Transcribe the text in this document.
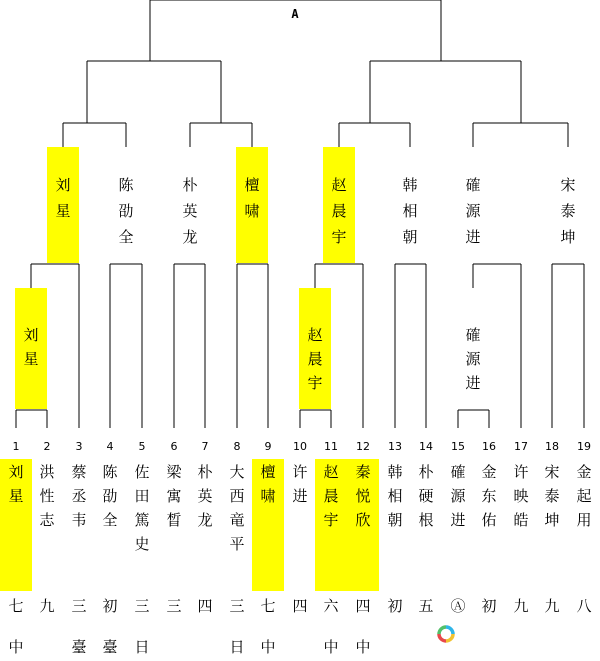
1
刘星
七
中
2
洪性志
九
3
蔡丞韦
三
臺
4
陈劭全
初
臺
5
佐田篤史
三
日
6
梁寓晳
三
7
朴英龙
四
8
大西竜平
三
日
9
檀啸
七
中
10
许进
四
11
赵晨宇
六
中
12
秦悦欣
四
中
13
韩相朝
初
14
朴硬根
五
15
確源进
Ⓐ
16
金东佑
初
17
许映皓
九
18
宋泰坤
九
19
金起用
八
刘星
赵晨宇
確源进
刘星
陈劭全
朴英龙
檀啸
赵晨宇
韩相朝
確源进
宋泰坤
A
